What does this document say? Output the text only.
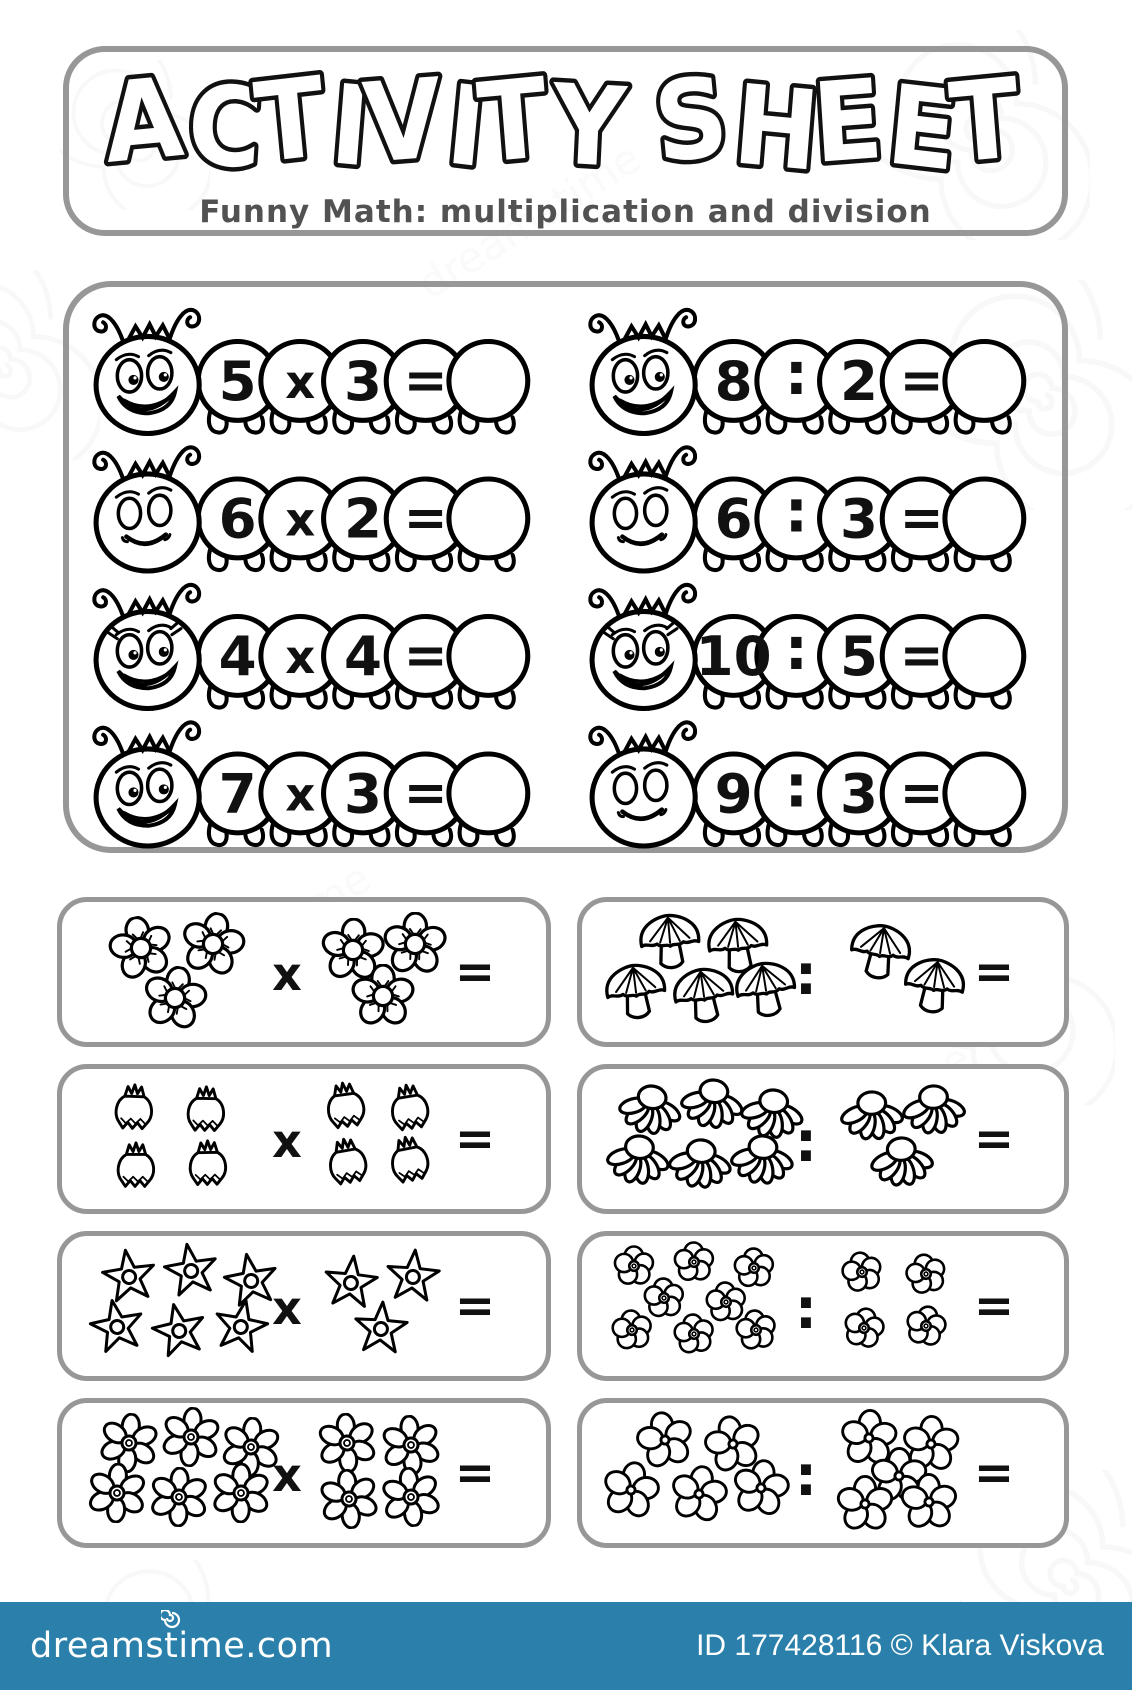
ACTIVITY SHEET
Funny Math: multiplication and division
5 x 3 =
6 x 2 =
4 x 4 =
7 x 3 =
8 : 2 =
6 : 3 =
10 : 5 =
9 : 3 =
x	=	:	=
x	=	:	=
x	=	:	=
x	=	:	=
dreamstime.com	ID 177428116 © Klara Viskova
